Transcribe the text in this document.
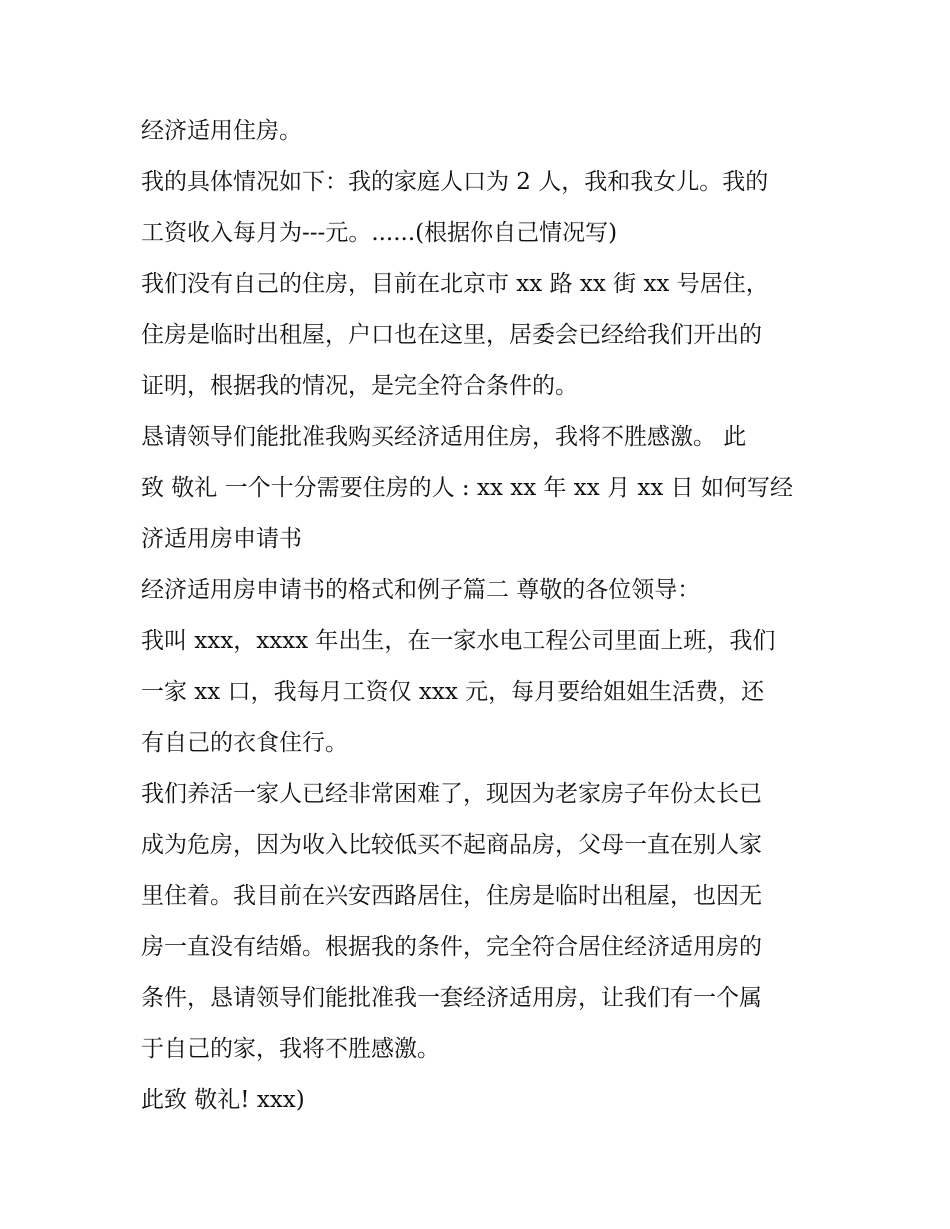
经济适用住房。
我的具体情况如下：我的家庭人口为 2 人，我和我女儿。我的
工资收入每月为---元。......(根据你自己情况写)
我们没有自己的住房，目前在北京市 xx 路 xx 街 xx 号居住，
住房是临时出租屋，户口也在这里，居委会已经给我们开出的
证明，根据我的情况，是完全符合条件的。
恳请领导们能批准我购买经济适用住房，我将不胜感激。 此
致 敬礼 一个十分需要住房的人 : xx xx 年 xx 月 xx 日 如何写经
济适用房申请书
经济适用房申请书的格式和例子篇二 尊敬的各位领导：
我叫 xxx，xxxx 年出生，在一家水电工程公司里面上班，我们
一家 xx 口，我每月工资仅 xxx 元，每月要给姐姐生活费，还
有自己的衣食住行。
我们养活一家人已经非常困难了，现因为老家房子年份太长已
成为危房，因为收入比较低买不起商品房，父母一直在别人家
里住着。我目前在兴安西路居住，住房是临时出租屋，也因无
房一直没有结婚。根据我的条件，完全符合居住经济适用房的
条件，恳请领导们能批准我一套经济适用房，让我们有一个属
于自己的家，我将不胜感激。
此致 敬礼! xxx)
